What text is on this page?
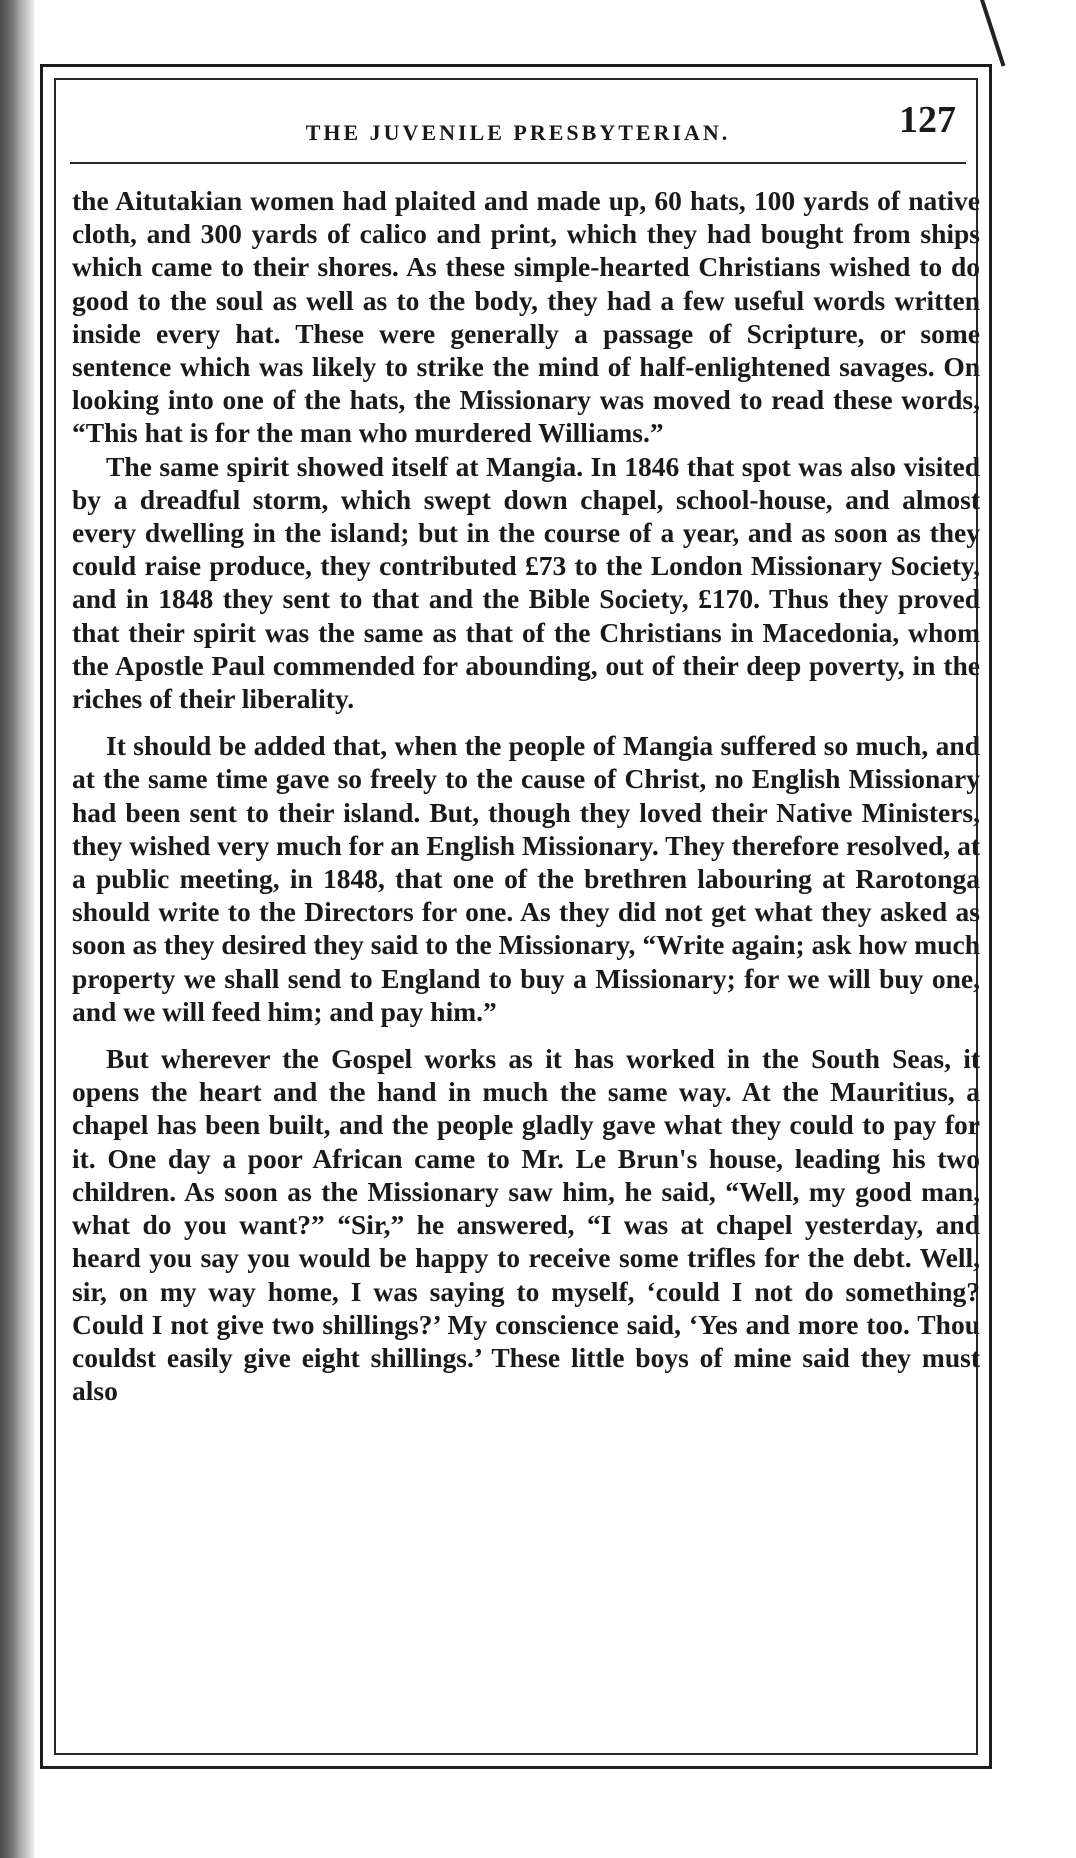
THE JUVENILE PRESBYTERIAN.	127

the Aitutakian women had plaited and made up, 60 hats, 100 yards of native cloth, and 300 yards of calico and print, which they had bought from ships which came to their shores. As these simple-hearted Christians wished to do good to the soul as well as to the body, they had a few useful words written inside every hat. These were generally a passage of Scripture, or some sentence which was likely to strike the mind of half-enlightened savages. On looking into one of the hats, the Missionary was moved to read these words, “This hat is for the man who murdered Williams.”

The same spirit showed itself at Mangia. In 1846 that spot was also visited by a dreadful storm, which swept down chapel, school-house, and almost every dwelling in the island; but in the course of a year, and as soon as they could raise produce, they contributed £73 to the London Missionary Society, and in 1848 they sent to that and the Bible Society, £170. Thus they proved that their spirit was the same as that of the Christians in Macedonia, whom the Apostle Paul commended for abounding, out of their deep poverty, in the riches of their liberality.

It should be added that, when the people of Mangia suffered so much, and at the same time gave so freely to the cause of Christ, no English Missionary had been sent to their island. But, though they loved their Native Ministers, they wished very much for an English Missionary. They therefore resolved, at a public meeting, in 1848, that one of the brethren labouring at Rarotonga should write to the Directors for one. As they did not get what they asked as soon as they desired they said to the Missionary, “Write again; ask how much property we shall send to England to buy a Missionary; for we will buy one, and we will feed him; and pay him.”

But wherever the Gospel works as it has worked in the South Seas, it opens the heart and the hand in much the same way. At the Mauritius, a chapel has been built, and the people gladly gave what they could to pay for it. One day a poor African came to Mr. Le Brun's house, leading his two children. As soon as the Missionary saw him, he said, “Well, my good man, what do you want?” “Sir,” he answered, “I was at chapel yesterday, and heard you say you would be happy to receive some trifles for the debt. Well, sir, on my way home, I was saying to myself, ‘could I not do something? Could I not give two shillings?’ My conscience said, ‘Yes and more too. Thou couldst easily give eight shillings.’ These little boys of mine said they must also
